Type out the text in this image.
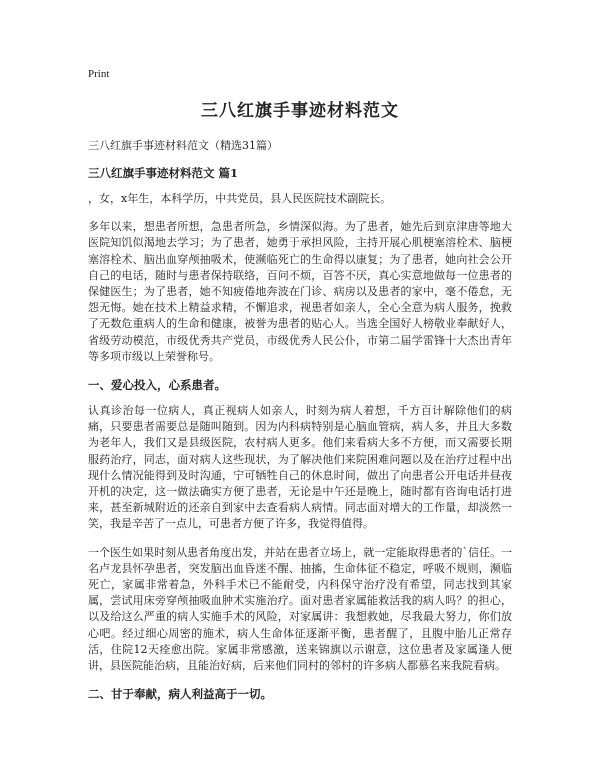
Print
三八红旗手事迹材料范文
三八红旗手事迹材料范文（精选31篇）
三八红旗手事迹材料范文 篇1

，女，x年生，本科学历，中共党员，县人民医院技术副院长。

多年以来，想患者所想，急患者所急，乡情深似海。为了患者，她先后到京津唐等地大医院知饥似渴地去学习；为了患者，她勇于承担风险，主持开展心肌梗塞溶栓术、脑梗塞溶栓术、脑出血穿颅抽吸术，使濒临死亡的生命得以康复；为了患者，她向社会公开自己的电话，随时与患者保持联络，百问不烦，百答不厌，真心实意地做每一位患者的保健医生；为了患者，她不知疲倦地奔波在门诊、病房以及患者的家中，毫不倦怠，无怨无悔。她在技术上精益求精，不懈追求，视患者如亲人，全心全意为病人服务，挽救了无数危重病人的生命和健康，被誉为患者的贴心人。当选全国好人榜敬业奉献好人，省级劳动模范，市级优秀共产党员，市级优秀人民公仆，市第二届学雷锋十大杰出青年等多项市级以上荣誉称号。

一、爱心投入，心系患者。

认真诊治每一位病人，真正视病人如亲人，时刻为病人着想，千方百计解除他们的病痛，只要患者需要总是随叫随到。因为内科病特别是心脑血管病，病人多，并且大多数为老年人，我们又是县级医院，农村病人更多。他们来看病大多不方便，而又需要长期服药治疗，同志，面对病人这些现状，为了解决他们来院困难问题以及在治疗过程中出现什么情况能得到及时沟通，宁可牺牲自己的休息时间，做出了向患者公开电话并昼夜开机的决定，这一做法确实方便了患者，无论是中午还是晚上，随时都有咨询电话打进来，甚至新城附近的还亲自到家中去查看病人病情。同志面对增大的工作量，却淡然一笑，我是辛苦了一点儿，可患者方便了许多，我觉得值得。

一个医生如果时刻从患者角度出发，并站在患者立场上，就一定能取得患者的`信任。一名卢龙县怀孕患者，突发脑出血昏迷不醒、抽搐，生命体征不稳定，呼吸不规则，濒临死亡，家属非常着急，外科手术已不能耐受，内科保守治疗没有希望，同志找到其家属，尝试用床旁穿颅抽吸血肿术实施治疗。面对患者家属能救活我的病人吗？的担心，以及给这么严重的病人实施手术的风险，对家属讲：我想救她，尽我最大努力，你们放心吧。经过细心周密的施术，病人生命体征逐渐平衡，患者醒了，且腹中胎儿正常存活，住院12天痊愈出院。家属非常感激，送来锦旗以示谢意，这位患者及家属逢人便讲，县医院能治病，且能治好病，后来他们同村的邻村的许多病人都慕名来我院看病。

二、甘于奉献，病人利益高于一切。
